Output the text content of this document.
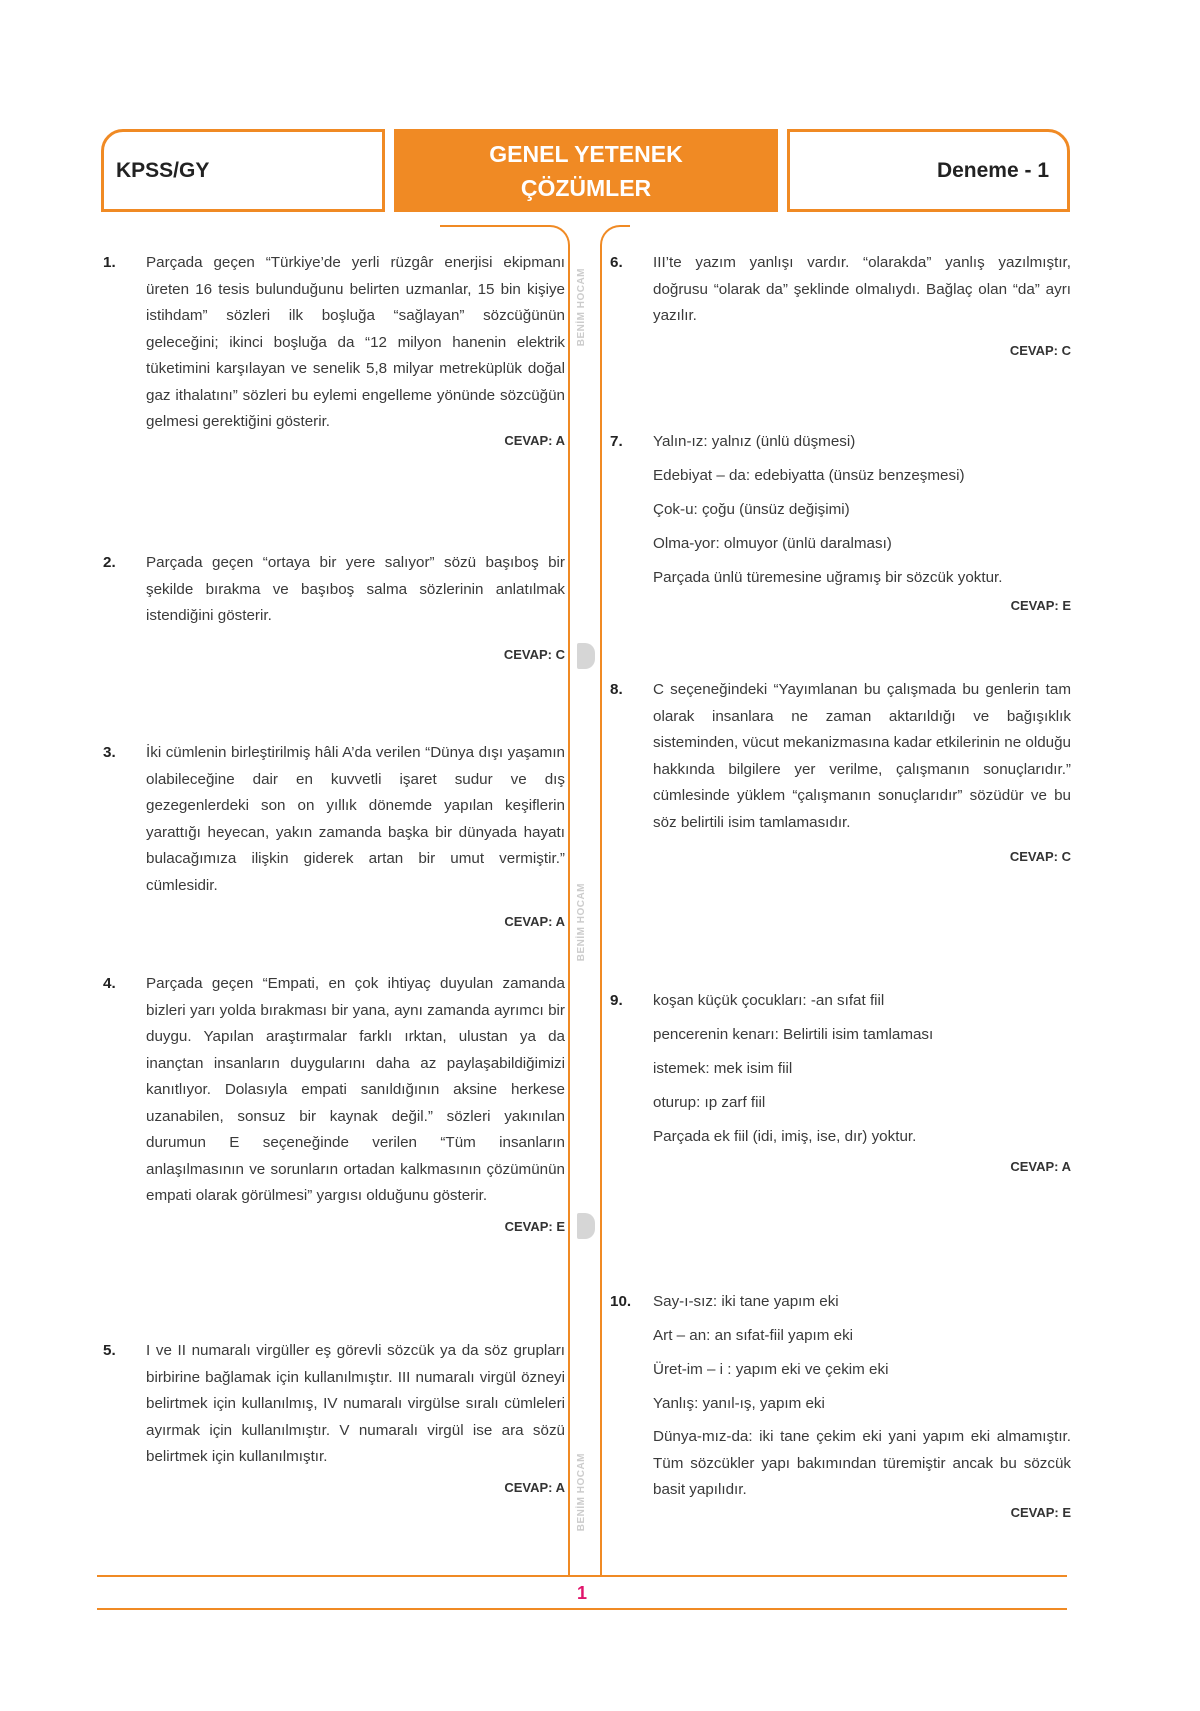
KPSS/GY
GENEL YETENEK
ÇÖZÜMLER
Deneme - 1
BENİM HOCAM
BENİM HOCAM
BENİM HOCAM
1. Parçada geçen “Türkiye’de yerli rüzgâr enerjisi ekipmanı üreten 16 tesis bulunduğunu belirten uzmanlar, 15 bin kişiye istihdam” sözleri ilk boşluğa “sağlayan” sözcüğünün geleceğini; ikinci boşluğa da “12 milyon hanenin elektrik tüketimini karşılayan ve senelik 5,8 milyar metreküplük doğal gaz ithalatını” sözleri bu eylemi engelleme yönünde sözcüğün gelmesi gerektiğini gösterir.
CEVAP: A
2. Parçada geçen “ortaya bir yere salıyor” sözü başıboş bir şekilde bırakma ve başıboş salma sözlerinin anlatılmak istendiğini gösterir.
CEVAP: C
3. İki cümlenin birleştirilmiş hâli A’da verilen “Dünya dışı yaşamın olabileceğine dair en kuvvetli işaret sudur ve dış gezegenlerdeki son on yıllık dönemde yapılan keşiflerin yarattığı heyecan, yakın zamanda başka bir dünyada hayatı bulacağımıza ilişkin giderek artan bir umut vermiştir.” cümlesidir.
CEVAP: A
4. Parçada geçen “Empati, en çok ihtiyaç duyulan zamanda bizleri yarı yolda bırakması bir yana, aynı zamanda ayrımcı bir duygu. Yapılan araştırmalar farklı ırktan, ulustan ya da inançtan insanların duygularını daha az paylaşabildiğimizi kanıtlıyor. Dolasıyla empati sanıldığının aksine herkese uzanabilen, sonsuz bir kaynak değil.” sözleri yakınılan durumun E seçeneğinde verilen “Tüm insanların anlaşılmasının ve sorunların ortadan kalkmasının çözümünün empati olarak görülmesi” yargısı olduğunu gösterir.
CEVAP: E
5. I ve II numaralı virgüller eş görevli sözcük ya da söz grupları birbirine bağlamak için kullanılmıştır. III numaralı virgül özneyi belirtmek için kullanılmış, IV numaralı virgülse sıralı cümleleri ayırmak için kullanılmıştır. V numaralı virgül ise ara sözü belirtmek için kullanılmıştır.
CEVAP: A
6. III’te yazım yanlışı vardır. “olarakda” yanlış yazılmıştır, doğrusu “olarak da” şeklinde olmalıydı. Bağlaç olan “da” ayrı yazılır.
CEVAP: C
7. Yalın-ız: yalnız (ünlü düşmesi)
Edebiyat – da: edebiyatta (ünsüz benzeşmesi)
Çok-u: çoğu (ünsüz değişimi)
Olma-yor: olmuyor (ünlü daralması)
Parçada ünlü türemesine uğramış bir sözcük yoktur.
CEVAP: E
8. C seçeneğindeki “Yayımlanan bu çalışmada bu genlerin tam olarak insanlara ne zaman aktarıldığı ve bağışıklık sisteminden, vücut mekanizmasına kadar etkilerinin ne olduğu hakkında bilgilere yer verilme, çalışmanın sonuçlarıdır.” cümlesinde yüklem “çalışmanın sonuçlarıdır” sözüdür ve bu söz belirtili isim tamlamasıdır.
CEVAP: C
9. koşan küçük çocukları: -an sıfat fiil
pencerenin kenarı: Belirtili isim tamlaması
istemek: mek isim fiil
oturup: ıp zarf fiil
Parçada ek fiil (idi, imiş, ise, dır) yoktur.
CEVAP: A
10. Say-ı-sız: iki tane yapım eki
Art – an: an sıfat-fiil yapım eki
Üret-im – i : yapım eki ve çekim eki
Yanlış: yanıl-ış, yapım eki
Dünya-mız-da: iki tane çekim eki yani yapım eki almamıştır. Tüm sözcükler yapı bakımından türemiştir ancak bu sözcük basit yapılıdır.
CEVAP: E
1
